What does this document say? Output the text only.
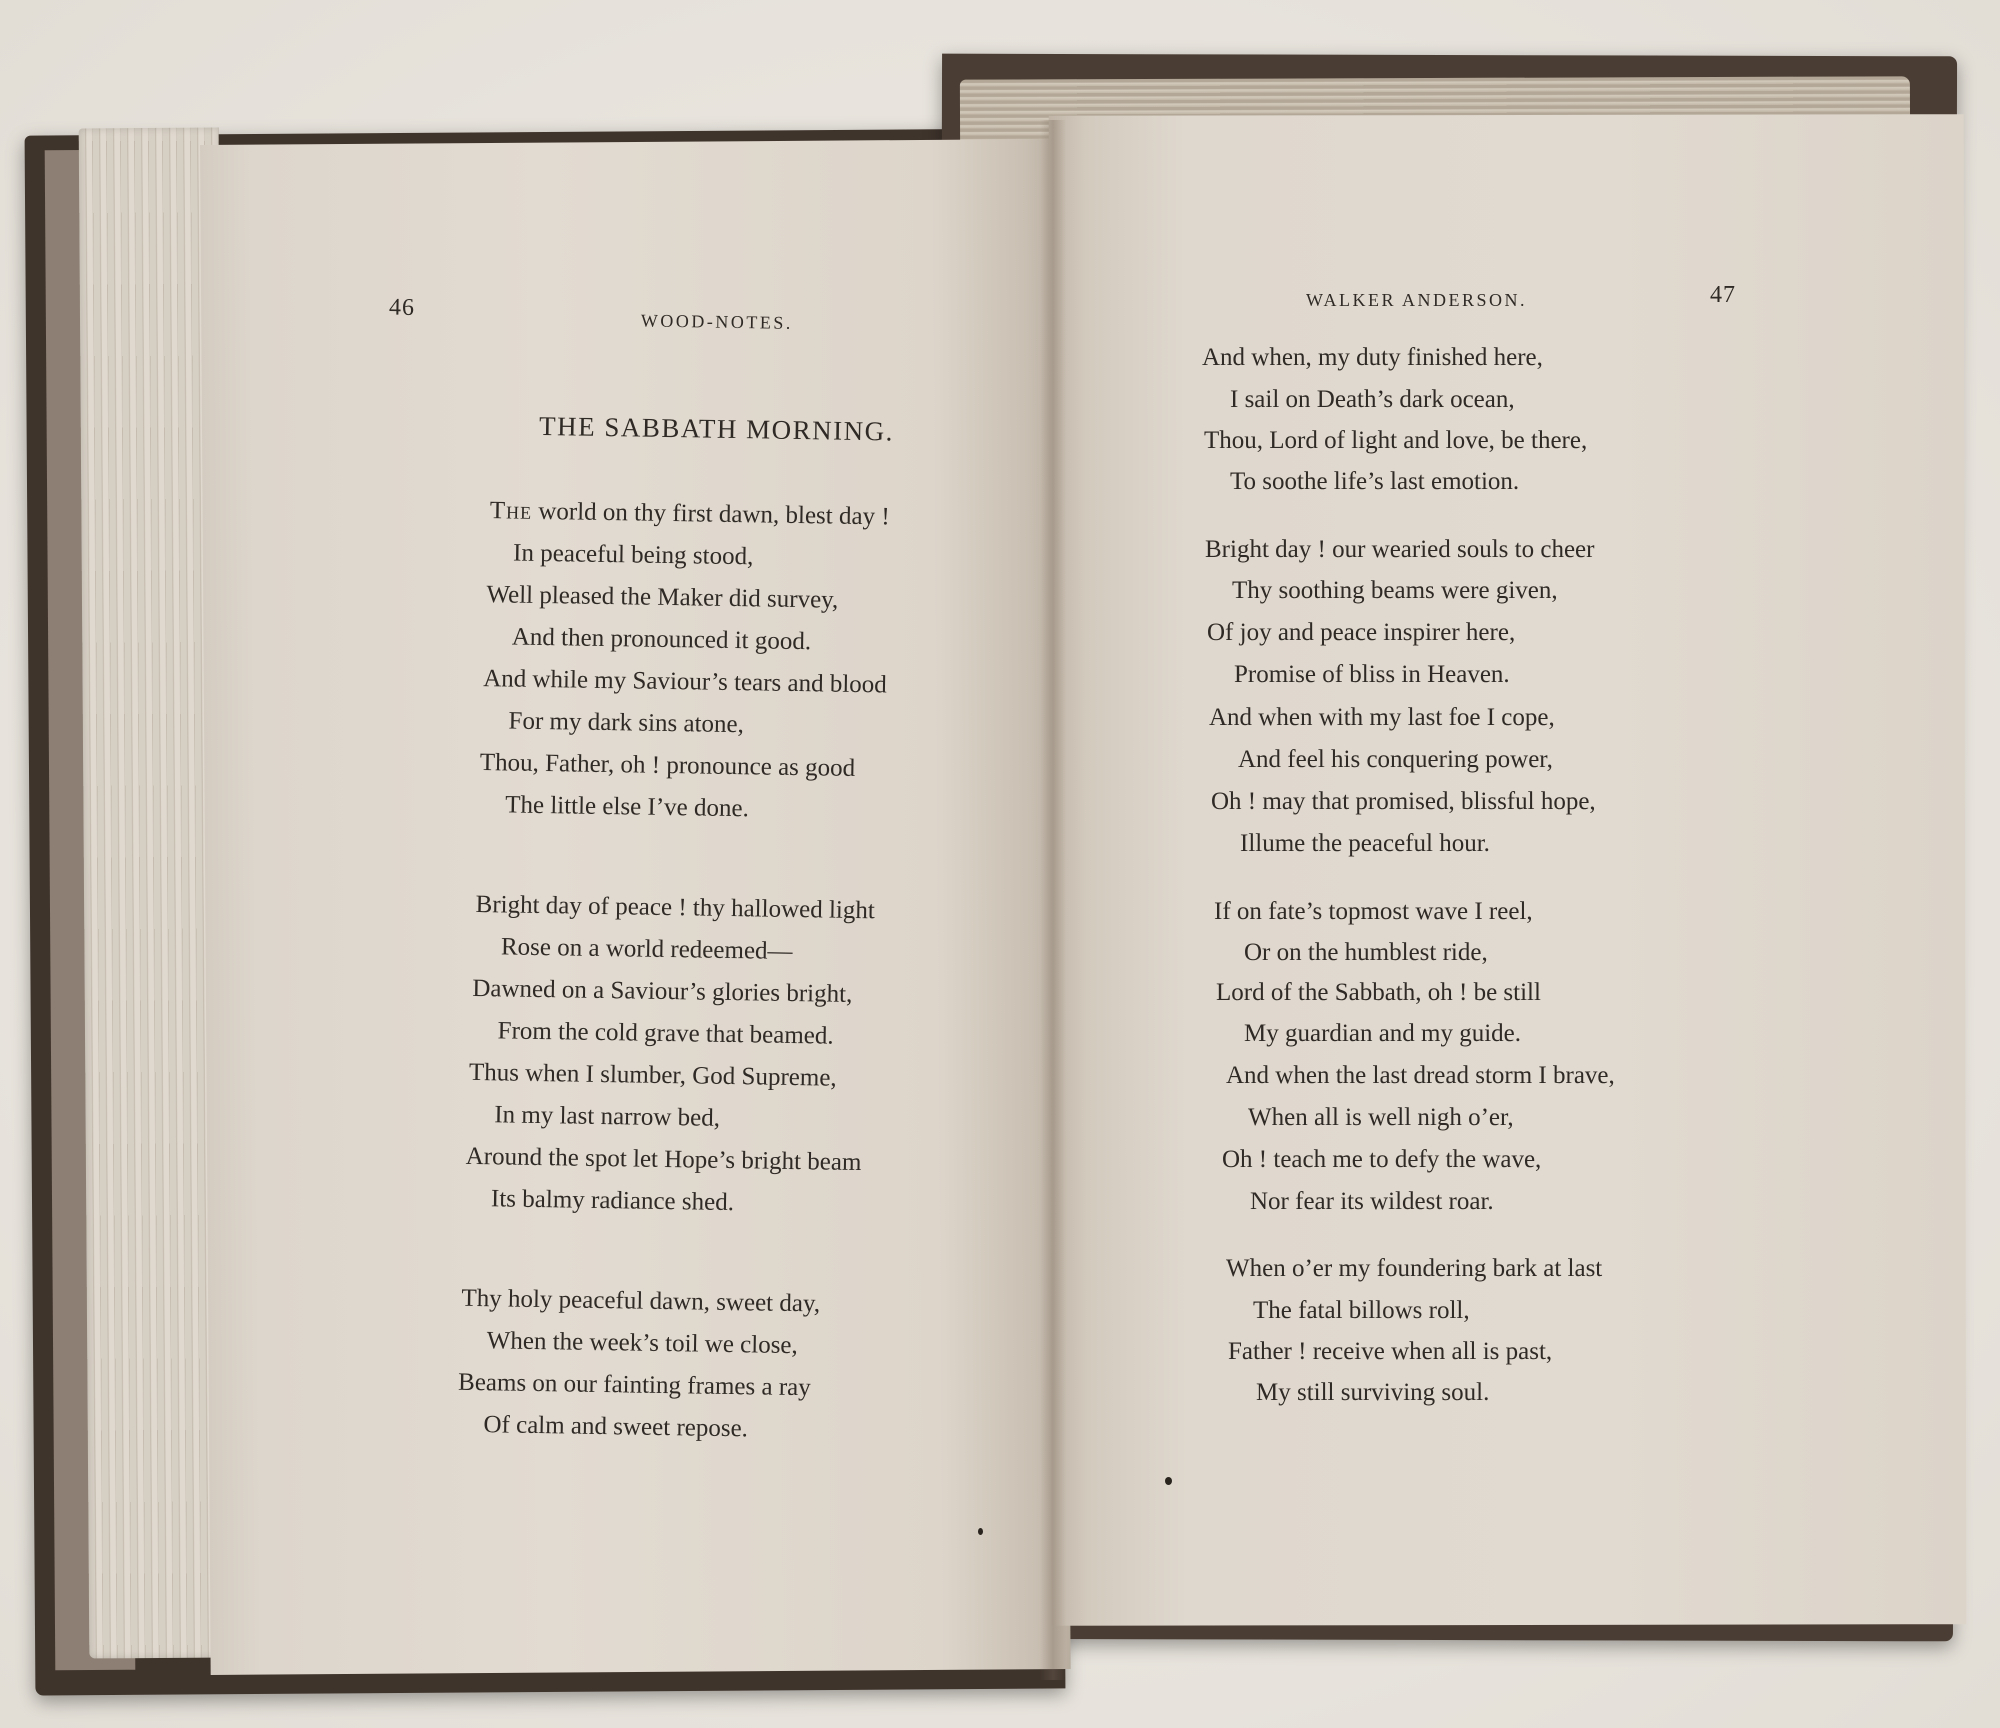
46
WOOD-NOTES.
THE SABBATH MORNING.
The world on thy first dawn, blest day !
In peaceful being stood,
Well pleased the Maker did survey,
And then pronounced it good.
And while my Saviour’s tears and blood
For my dark sins atone,
Thou, Father, oh ! pronounce as good
The little else I’ve done.
Bright day of peace ! thy hallowed light
Rose on a world redeemed—
Dawned on a Saviour’s glories bright,
From the cold grave that beamed.
Thus when I slumber, God Supreme,
In my last narrow bed,
Around the spot let Hope’s bright beam
Its balmy radiance shed.
Thy holy peaceful dawn, sweet day,
When the week’s toil we close,
Beams on our fainting frames a ray
Of calm and sweet repose.
WALKER ANDERSON.	47
And when, my duty finished here,
I sail on Death’s dark ocean,
Thou, Lord of light and love, be there,
To soothe life’s last emotion.
Bright day ! our wearied souls to cheer
Thy soothing beams were given,
Of joy and peace inspirer here,
Promise of bliss in Heaven.
And when with my last foe I cope,
And feel his conquering power,
Oh ! may that promised, blissful hope,
Illume the peaceful hour.
If on fate’s topmost wave I reel,
Or on the humblest ride,
Lord of the Sabbath, oh ! be still
My guardian and my guide.
And when the last dread storm I brave,
When all is well nigh o’er,
Oh ! teach me to defy the wave,
Nor fear its wildest roar.
When o’er my foundering bark at last
The fatal billows roll,
Father ! receive when all is past,
My still surviving soul.
